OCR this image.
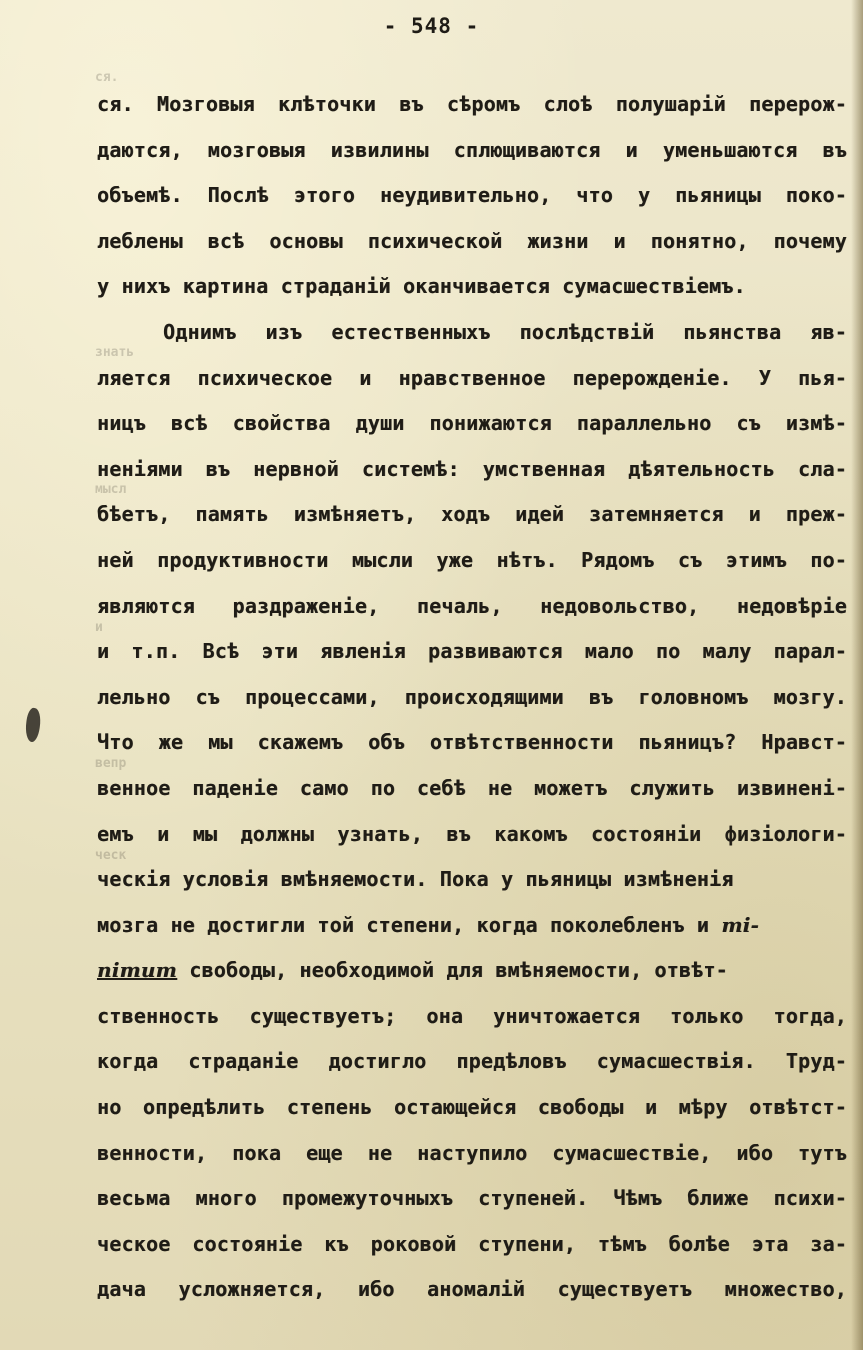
ся.
знать
мысл
и
вепр
ческ
- 548 -
ся. Мозговыя клѣточки въ сѣромъ слоѣ полушарій перерож-
даются, мозговыя извилины сплющиваются и уменьшаются въ
объемѣ. Послѣ этого неудивительно, что у пьяницы поко-
леблены всѣ основы психической жизни и понятно, почему
у нихъ картина страданій оканчивается сумасшествіемъ.
Однимъ изъ естественныхъ послѣдствій пьянства яв-
ляется психическое и нравственное перерожденіе. У пья-
ницъ всѣ свойства души понижаются параллельно съ измѣ-
неніями въ нервной системѣ: умственная дѣятельность сла-
бѣетъ, память измѣняетъ, ходъ идей затемняется и преж-
ней продуктивности мысли уже нѣтъ. Рядомъ съ этимъ по-
являются раздраженіе, печаль, недовольство, недовѣріе
и т.п. Всѣ эти явленія развиваются мало по малу парал-
лельно съ процессами, происходящими въ головномъ мозгу.
Что же мы скажемъ объ отвѣтственности пьяницъ? Нравст-
венное паденіе само по себѣ не можетъ служить извиненi-
емъ и мы должны узнать, въ какомъ состоянiи физiологи-
ческія условія вмѣняемости. Пока у пьяницы измѣненія
мозга не достигли той степени, когда поколебленъ и mi-
nimum свободы, необходимой для вмѣняемости, отвѣт-
ственность существуетъ; она уничтожается только тогда,
когда страданіе достигло предѣловъ сумасшествія. Труд-
но опредѣлить степень остающейся свободы и мѣру отвѣтст-
венности, пока еще не наступило сумасшествіе, ибо тутъ
весьма много промежуточныхъ ступеней. Чѣмъ ближе психи-
ческое состояніе къ роковой ступени, тѣмъ болѣе эта за-
дача усложняется, ибо аномалій существуетъ множество,
